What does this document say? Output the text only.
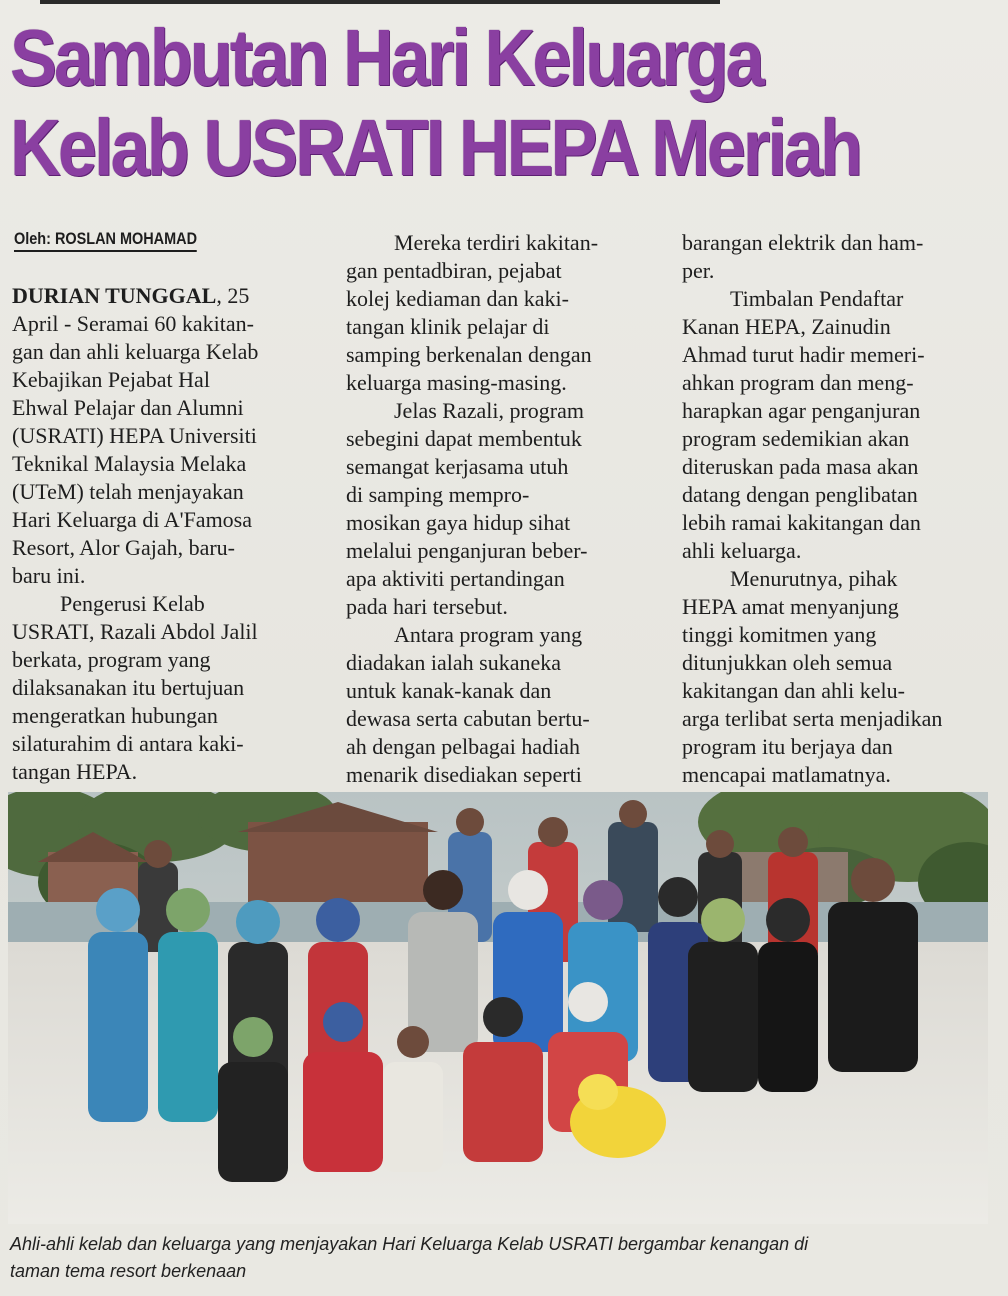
Sambutan Hari Keluarga
Kelab USRATI HEPA Meriah
Oleh: ROSLAN MOHAMAD

DURIAN TUNGGAL, 25
April - Seramai 60 kakitan-
gan dan ahli keluarga Kelab
Kebajikan Pejabat Hal
Ehwal Pelajar dan Alumni
(USRATI) HEPA Universiti
Teknikal Malaysia Melaka
(UTeM) telah menjayakan
Hari Keluarga di A'Famosa
Resort, Alor Gajah, baru-
baru ini.

Pengerusi Kelab
USRATI, Razali Abdol Jalil
berkata, program yang
dilaksanakan itu bertujuan
mengeratkan hubungan
silaturahim di antara kaki-
tangan HEPA.

Mereka terdiri kakitan-
gan pentadbiran, pejabat
kolej kediaman dan kaki-
tangan klinik pelajar di
samping berkenalan dengan
keluarga masing-masing.

Jelas Razali, program
sebegini dapat membentuk
semangat kerjasama utuh
di samping mempro-
mosikan gaya hidup sihat
melalui penganjuran beber-
apa aktiviti pertandingan
pada hari tersebut.

Antara program yang
diadakan ialah sukaneka
untuk kanak-kanak dan
dewasa serta cabutan bertu-
ah dengan pelbagai hadiah
menarik disediakan seperti

barangan elektrik dan ham-
per.

Timbalan Pendaftar
Kanan HEPA, Zainudin
Ahmad turut hadir memeri-
ahkan program dan meng-
harapkan agar penganjuran
program sedemikian akan
diteruskan pada masa akan
datang dengan penglibatan
lebih ramai kakitangan dan
ahli keluarga.

Menurutnya, pihak
HEPA amat menyanjung
tinggi komitmen yang
ditunjukkan oleh semua
kakitangan dan ahli kelu-
arga terlibat serta menjadikan
program itu berjaya dan
mencapai matlamatnya.

Ahli-ahli kelab dan keluarga yang menjayakan Hari Keluarga Kelab USRATI bergambar kenangan di
taman tema resort berkenaan
